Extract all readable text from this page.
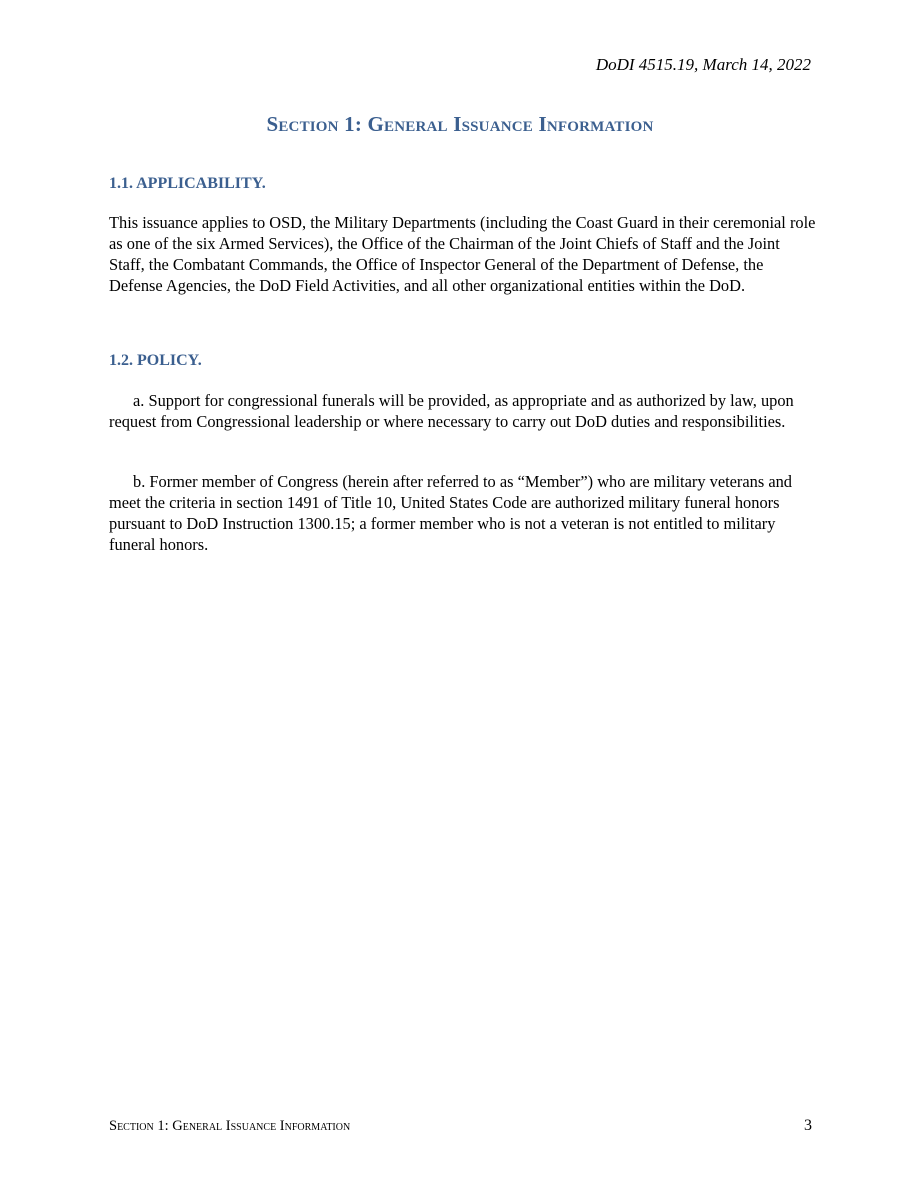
DoDI 4515.19, March 14, 2022
Section 1: General Issuance Information
1.1. APPLICABILITY.

This issuance applies to OSD, the Military Departments (including the Coast Guard in their ceremonial role as one of the six Armed Services), the Office of the Chairman of the Joint Chiefs of Staff and the Joint Staff, the Combatant Commands, the Office of Inspector General of the Department of Defense, the Defense Agencies, the DoD Field Activities, and all other organizational entities within the DoD.

1.2. POLICY.

a. Support for congressional funerals will be provided, as appropriate and as authorized by law, upon request from Congressional leadership or where necessary to carry out DoD duties and responsibilities.

b. Former member of Congress (herein after referred to as “Member”) who are military veterans and meet the criteria in section 1491 of Title 10, United States Code are authorized military funeral honors pursuant to DoD Instruction 1300.15; a former member who is not a veteran is not entitled to military funeral honors.

Section 1: General Issuance Information	3
